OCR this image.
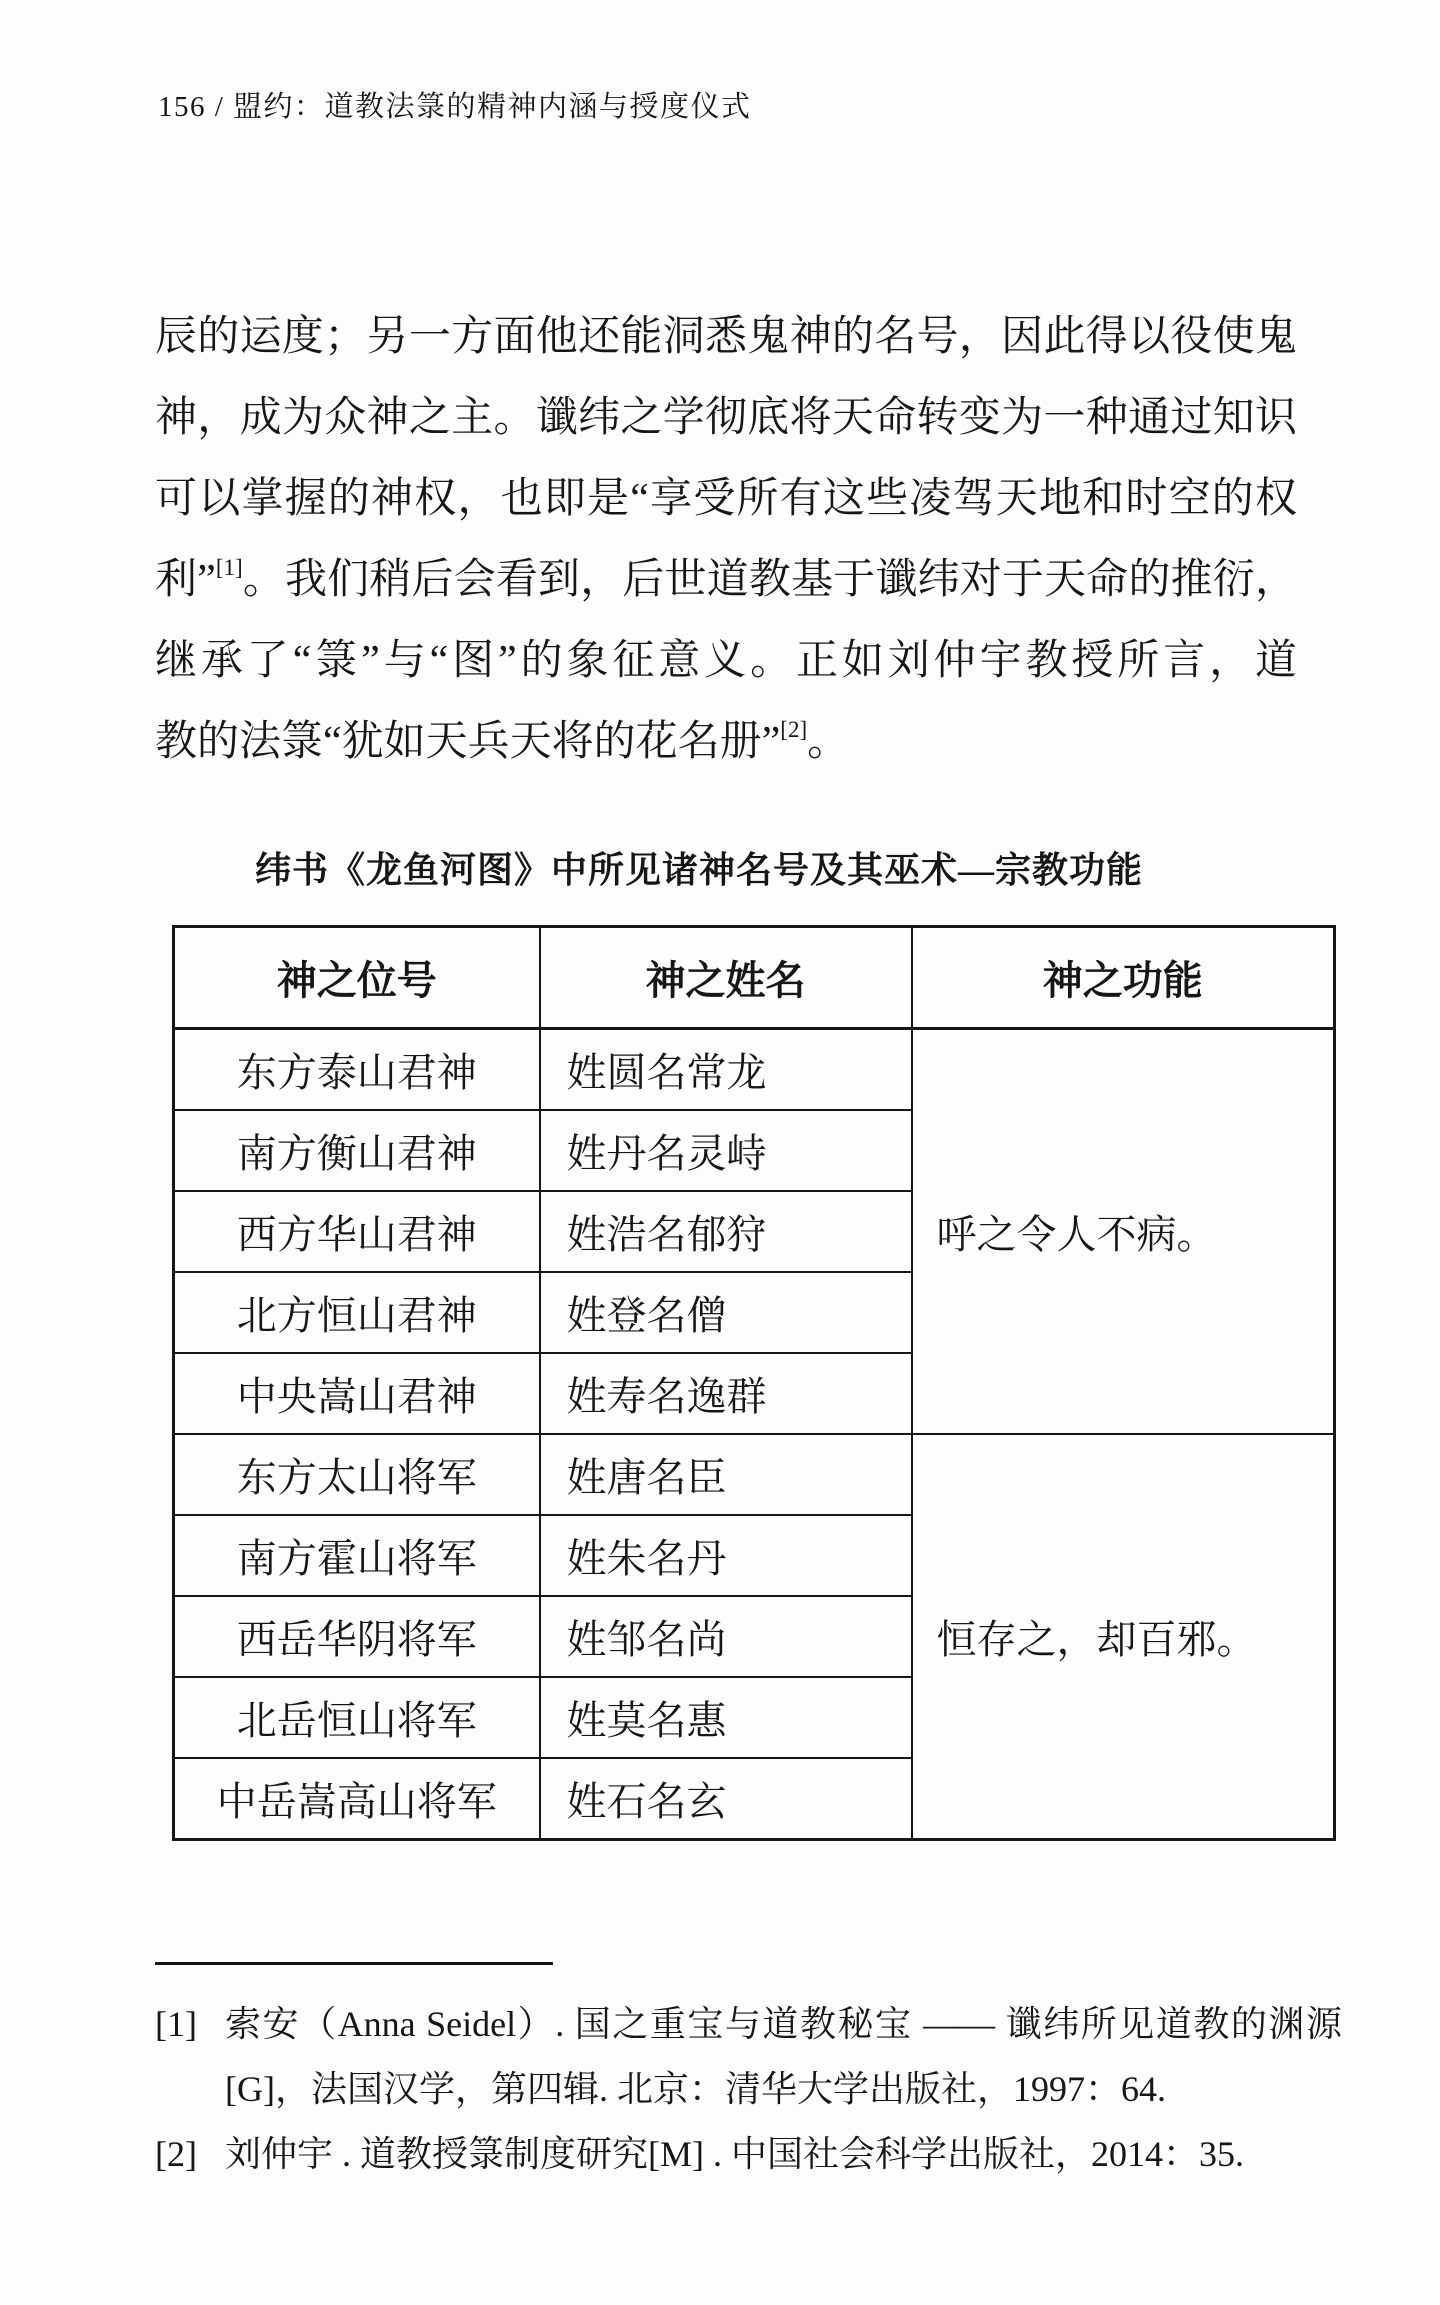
156 / 盟约：道教法箓的精神内涵与授度仪式
辰的运度；另一方面他还能洞悉鬼神的名号，因此得以役使鬼
神，成为众神之主。谶纬之学彻底将天命转变为一种通过知识
可以掌握的神权，也即是“享受所有这些凌驾天地和时空的权
利”[1]。我们稍后会看到，后世道教基于谶纬对于天命的推衍，
继承了“箓”与“图”的象征意义。正如刘仲宇教授所言，道
教的法箓“犹如天兵天将的花名册”[2]。
纬书《龙鱼河图》中所见诸神名号及其巫术—宗教功能
神之位号	神之姓名	神之功能
东方泰山君神	姓圆名常龙	呼之令人不病。
南方衡山君神	姓丹名灵峙	
西方华山君神	姓浩名郁狩	
北方恒山君神	姓登名僧	
中央嵩山君神	姓寿名逸群	
东方太山将军	姓唐名臣	恒存之，却百邪。
南方霍山将军	姓朱名丹	
西岳华阴将军	姓邹名尚	
北岳恒山将军	姓莫名惠	
中岳嵩高山将军	姓石名玄	
[1] 索安（Anna Seidel）. 国之重宝与道教秘宝 —— 谶纬所见道教的渊源[G]，法国汉学，第四辑. 北京：清华大学出版社，1997：64.
[2] 刘仲宇 . 道教授箓制度研究[M] . 中国社会科学出版社，2014：35.
